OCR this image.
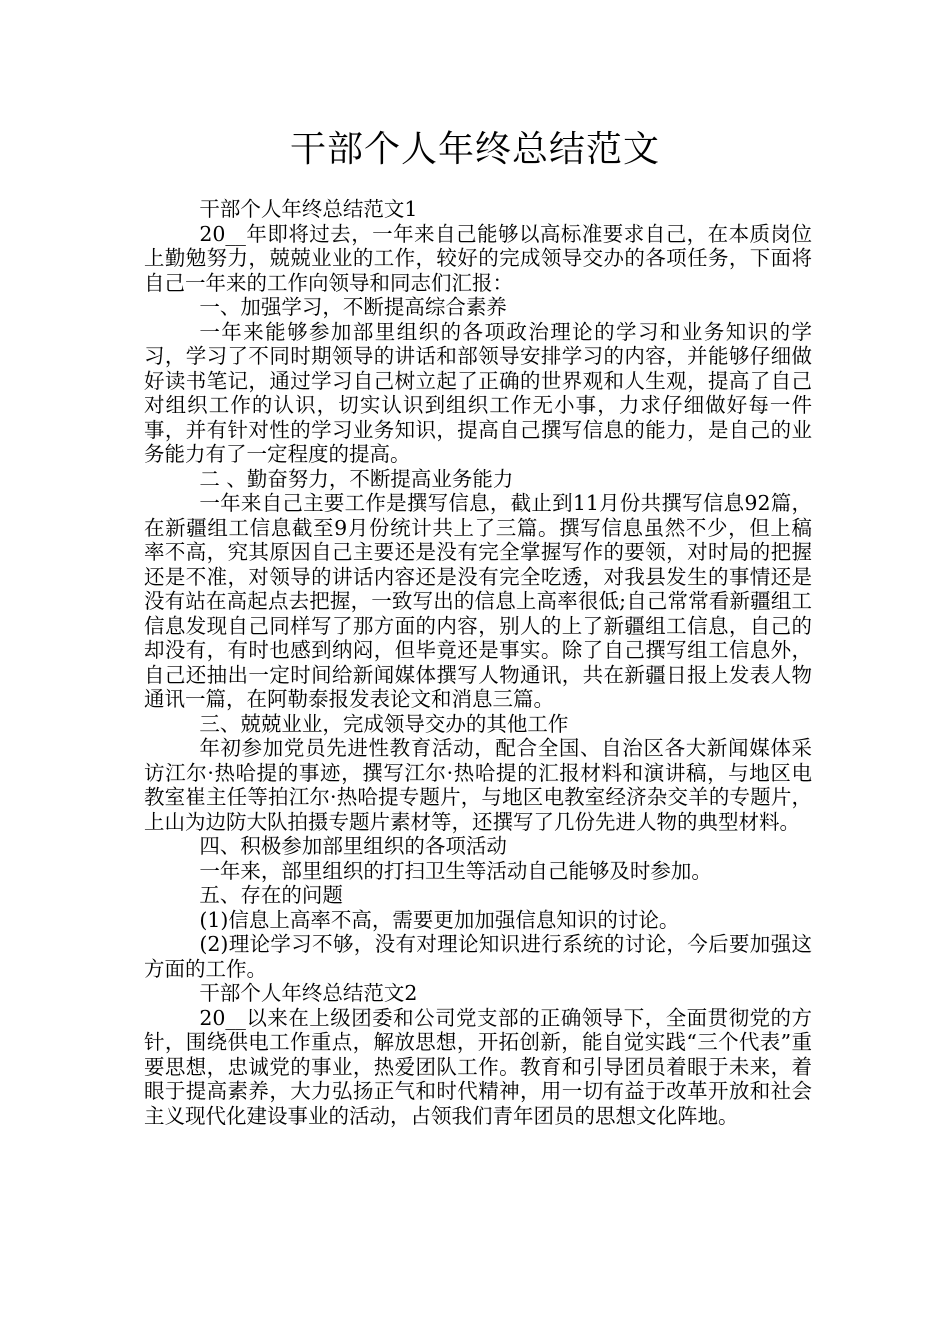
干部个人年终总结范文

干部个人年终总结范文1

20__年即将过去，一年来自己能够以高标准要求自己，在本质岗位上勤勉努力，兢兢业业的工作，较好的完成领导交办的各项任务，下面将自己一年来的工作向领导和同志们汇报：

一、加强学习，不断提高综合素养

一年来能够参加部里组织的各项政治理论的学习和业务知识的学习，学习了不同时期领导的讲话和部领导安排学习的内容，并能够仔细做好读书笔记，通过学习自己树立起了正确的世界观和人生观，提高了自己对组织工作的认识，切实认识到组织工作无小事，力求仔细做好每一件事，并有针对性的学习业务知识，提高自己撰写信息的能力，是自己的业务能力有了一定程度的提高。

二 、勤奋努力，不断提高业务能力

一年来自己主要工作是撰写信息，截止到11月份共撰写信息92篇，在新疆组工信息截至9月份统计共上了三篇。撰写信息虽然不少，但上稿率不高，究其原因自己主要还是没有完全掌握写作的要领，对时局的把握还是不准，对领导的讲话内容还是没有完全吃透，对我县发生的事情还是没有站在高起点去把握，一致写出的信息上高率很低;自己常常看新疆组工信息发现自己同样写了那方面的内容，别人的上了新疆组工信息，自己的却没有，有时也感到纳闷，但毕竟还是事实。除了自己撰写组工信息外，自己还抽出一定时间给新闻媒体撰写人物通讯，共在新疆日报上发表人物通讯一篇，在阿勒泰报发表论文和消息三篇。

三、兢兢业业，完成领导交办的其他工作

年初参加党员先进性教育活动，配合全国、自治区各大新闻媒体采访江尔·热哈提的事迹，撰写江尔·热哈提的汇报材料和演讲稿，与地区电教室崔主任等拍江尔·热哈提专题片，与地区电教室经济杂交羊的专题片，上山为边防大队拍摄专题片素材等，还撰写了几份先进人物的典型材料。

四、积极参加部里组织的各项活动

一年来，部里组织的打扫卫生等活动自己能够及时参加。

五、存在的问题

(1)信息上高率不高，需要更加加强信息知识的讨论。

(2)理论学习不够，没有对理论知识进行系统的讨论，今后要加强这方面的工作。

干部个人年终总结范文2

20__以来在上级团委和公司党支部的正确领导下，全面贯彻党的方针，围绕供电工作重点，解放思想，开拓创新，能自觉实践“三个代表”重要思想，忠诚党的事业，热爱团队工作。教育和引导团员着眼于未来，着眼于提高素养，大力弘扬正气和时代精神，用一切有益于改革开放和社会主义现代化建设事业的活动，占领我们青年团员的思想文化阵地。
